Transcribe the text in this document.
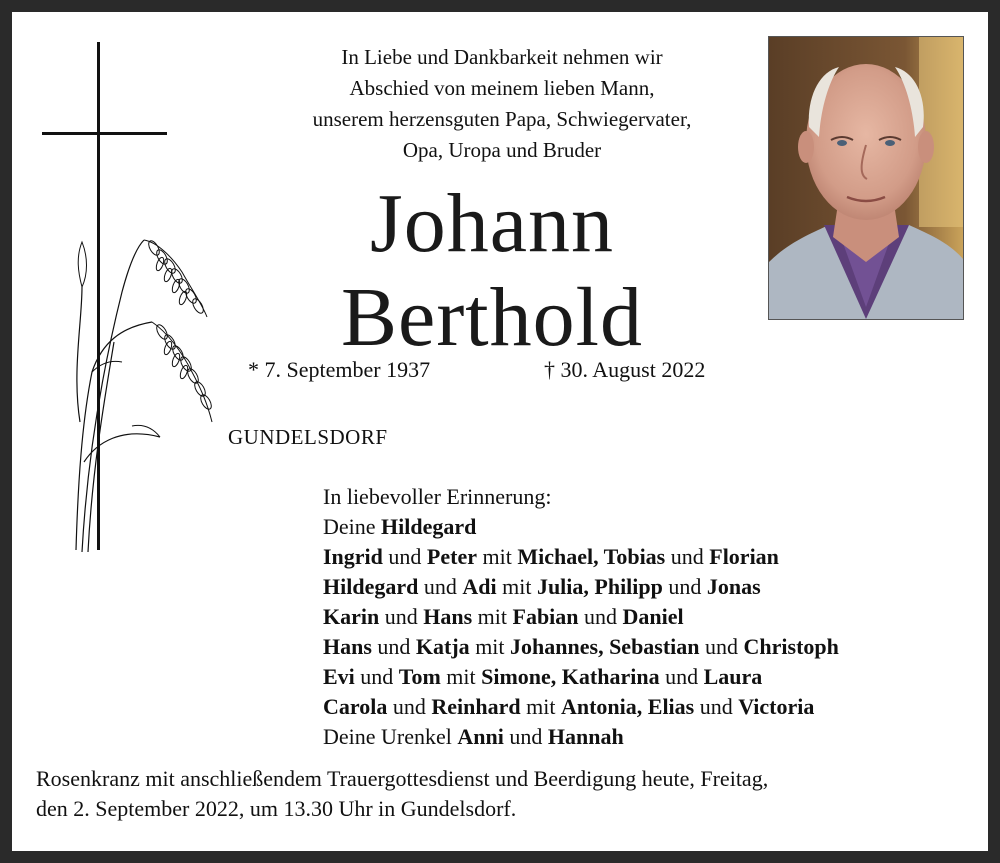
In Liebe und Dankbarkeit nehmen wir
Abschied von meinem lieben Mann,
unserem herzensguten Papa, Schwiegervater,
Opa, Uropa und Bruder
Johann
Berthold
* 7. September 1937	† 30. August 2022
GUNDELSDORF
In liebevoller Erinnerung:
Deine Hildegard
Ingrid und Peter mit Michael, Tobias und Florian
Hildegard und Adi mit Julia, Philipp und Jonas
Karin und Hans mit Fabian und Daniel
Hans und Katja mit Johannes, Sebastian und Christoph
Evi und Tom mit Simone, Katharina und Laura
Carola und Reinhard mit Antonia, Elias und Victoria
Deine Urenkel Anni und Hannah
Rosenkranz mit anschließendem Trauergottesdienst und Beerdigung heute, Freitag,
den 2. September 2022, um 13.30 Uhr in Gundelsdorf.
